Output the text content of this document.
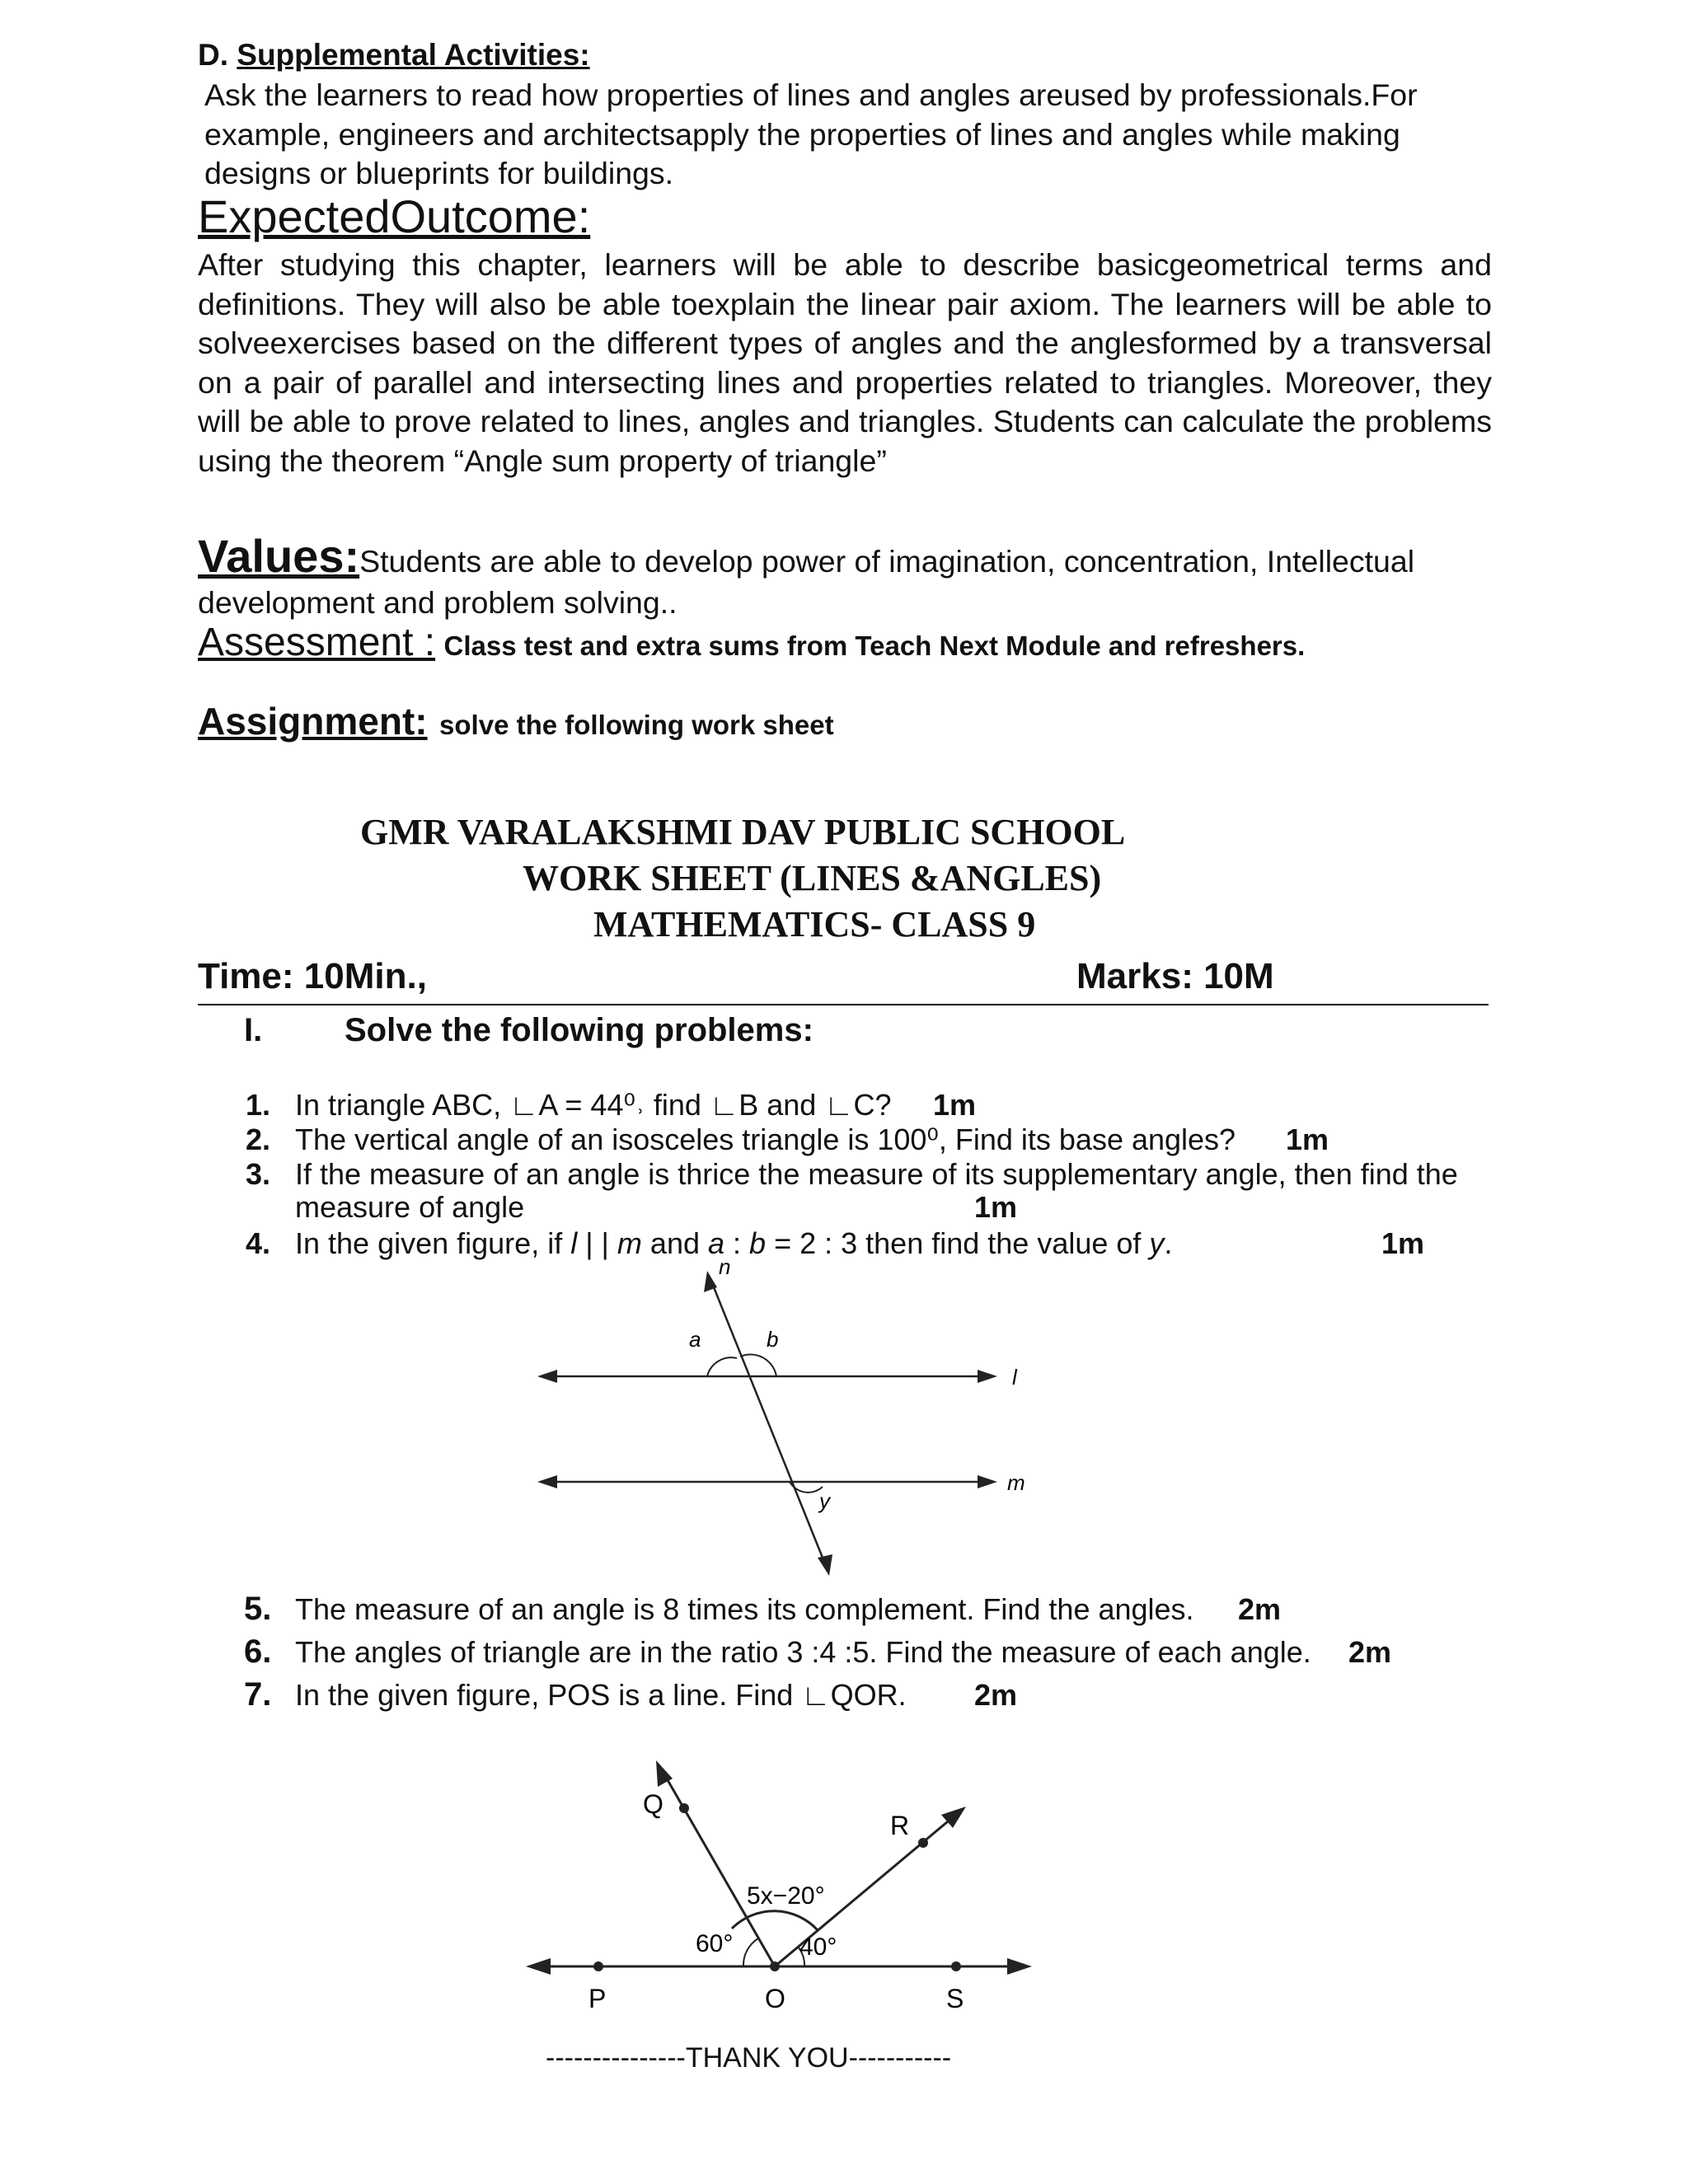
D. Supplemental Activities:
Ask the learners to read how properties of lines and angles areused by professionals.For example, engineers and architectsapply the properties of lines and angles while making designs or blueprints for buildings.
ExpectedOutcome:
After studying this chapter, learners will be able to describe basicgeometrical terms and definitions. They will also be able toexplain the linear pair axiom. The learners will be able to solveexercises based on the different types of angles and the anglesformed by a transversal on a pair of parallel and intersecting lines and properties related to triangles. Moreover, they will be able to prove related to lines, angles and triangles. Students can calculate the problems using the theorem “Angle sum property of triangle”
Values:Students are able to develop power of imagination, concentration, Intellectual development and problem solving..
Assessment : Class test and extra sums from Teach Next Module and refreshers.
Assignment: solve the following work sheet
GMR VARALAKSHMI DAV PUBLIC SCHOOL
WORK SHEET (LINES &ANGLES)
MATHEMATICS- CLASS 9
Time: 10Min.,	Marks: 10M
I. Solve the following problems:
1. In triangle ABC, ∟A = 44⁰˒ find ∟B and ∟C? 1m
2. The vertical angle of an isosceles triangle is 100⁰, Find its base angles? 1m
3. If the measure of an angle is thrice the measure of its supplementary angle, then find the
measure of angle	1m
4. In the given figure, if l | | m and a : b = 2 : 3 then find the value of y.	1m
n
a	b
l
m
y
5. The measure of an angle is 8 times its complement. Find the angles. 2m
6. The angles of triangle are in the ratio 3 :4 :5. Find the measure of each angle. 2m
7. In the given figure, POS is a line. Find ∟QOR. 2m
Q
R
P	O	S
5x−20°
60°	40°
---------------THANK YOU-----------
